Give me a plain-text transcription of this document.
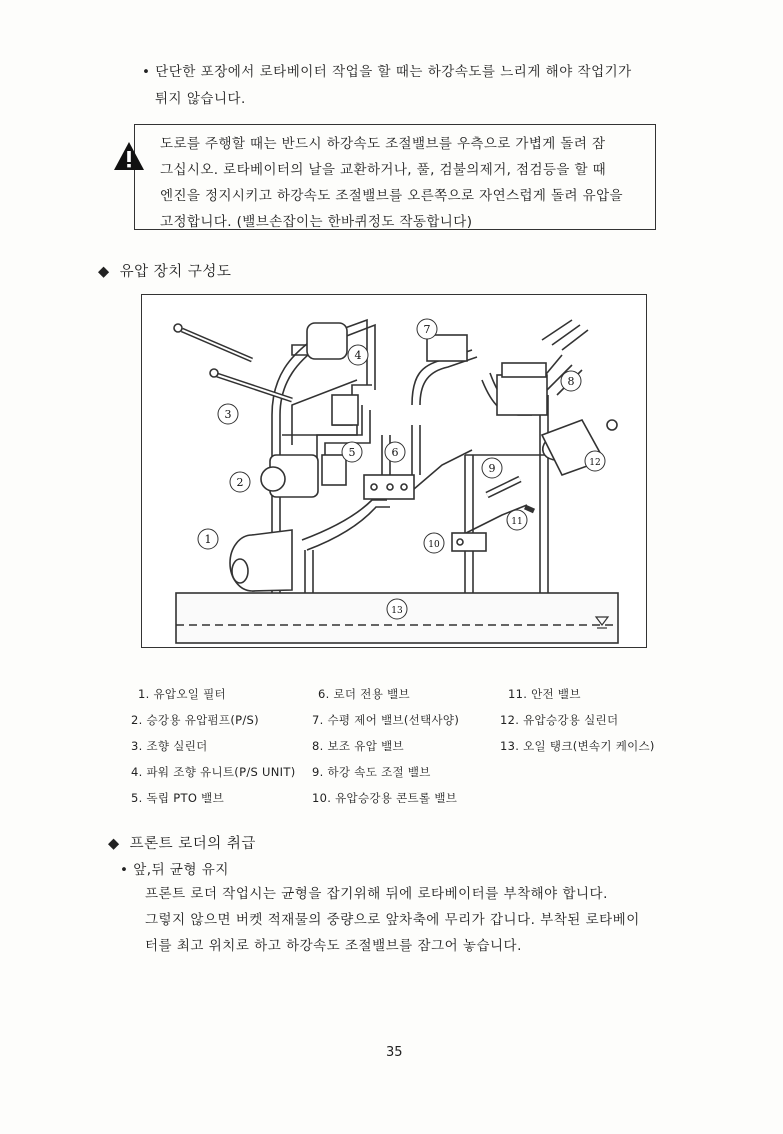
• 단단한 포장에서 로타베이터 작업을 할 때는 하강속도를 느리게 해야 작업기가
튀지 않습니다.
도로를 주행할 때는 반드시 하강속도 조절밸브를 우측으로 가볍게 돌려 잠
그십시오. 로타베이터의 날을 교환하거나, 풀, 검불의제거, 점검등을 할 때
엔진을 정지시키고 하강속도 조절밸브를 오른쪽으로 자연스럽게 돌려 유압을
고정합니다. (밸브손잡이는 한바퀴정도 작동합니다)
◆ 유압 장치 구성도
1
2
3
4
5	6
7
8
9
10
11
12
13
1. 유압오일 필터
2. 승강용 유압펌프(P/S)
3. 조향 실린더
4. 파워 조향 유니트(P/S UNIT)
5. 독립 PTO 밸브
6. 로더 전용 밸브
7. 수평 제어 밸브(선택사양)
8. 보조 유압 밸브
9. 하강 속도 조절 밸브
10. 유압승강용 콘트롤 밸브
11. 안전 밸브
12. 유압승강용 실린더
13. 오일 탱크(변속기 케이스)
◆ 프론트 로더의 취급
• 앞,뒤 균형 유지
프론트 로더 작업시는 균형을 잡기위해 뒤에 로타베이터를 부착해야 합니다.
그렇지 않으면 버켓 적재물의 중량으로 앞차축에 무리가 갑니다. 부착된 로타베이
터를 최고 위치로 하고 하강속도 조절밸브를 잠그어 놓습니다.
35
